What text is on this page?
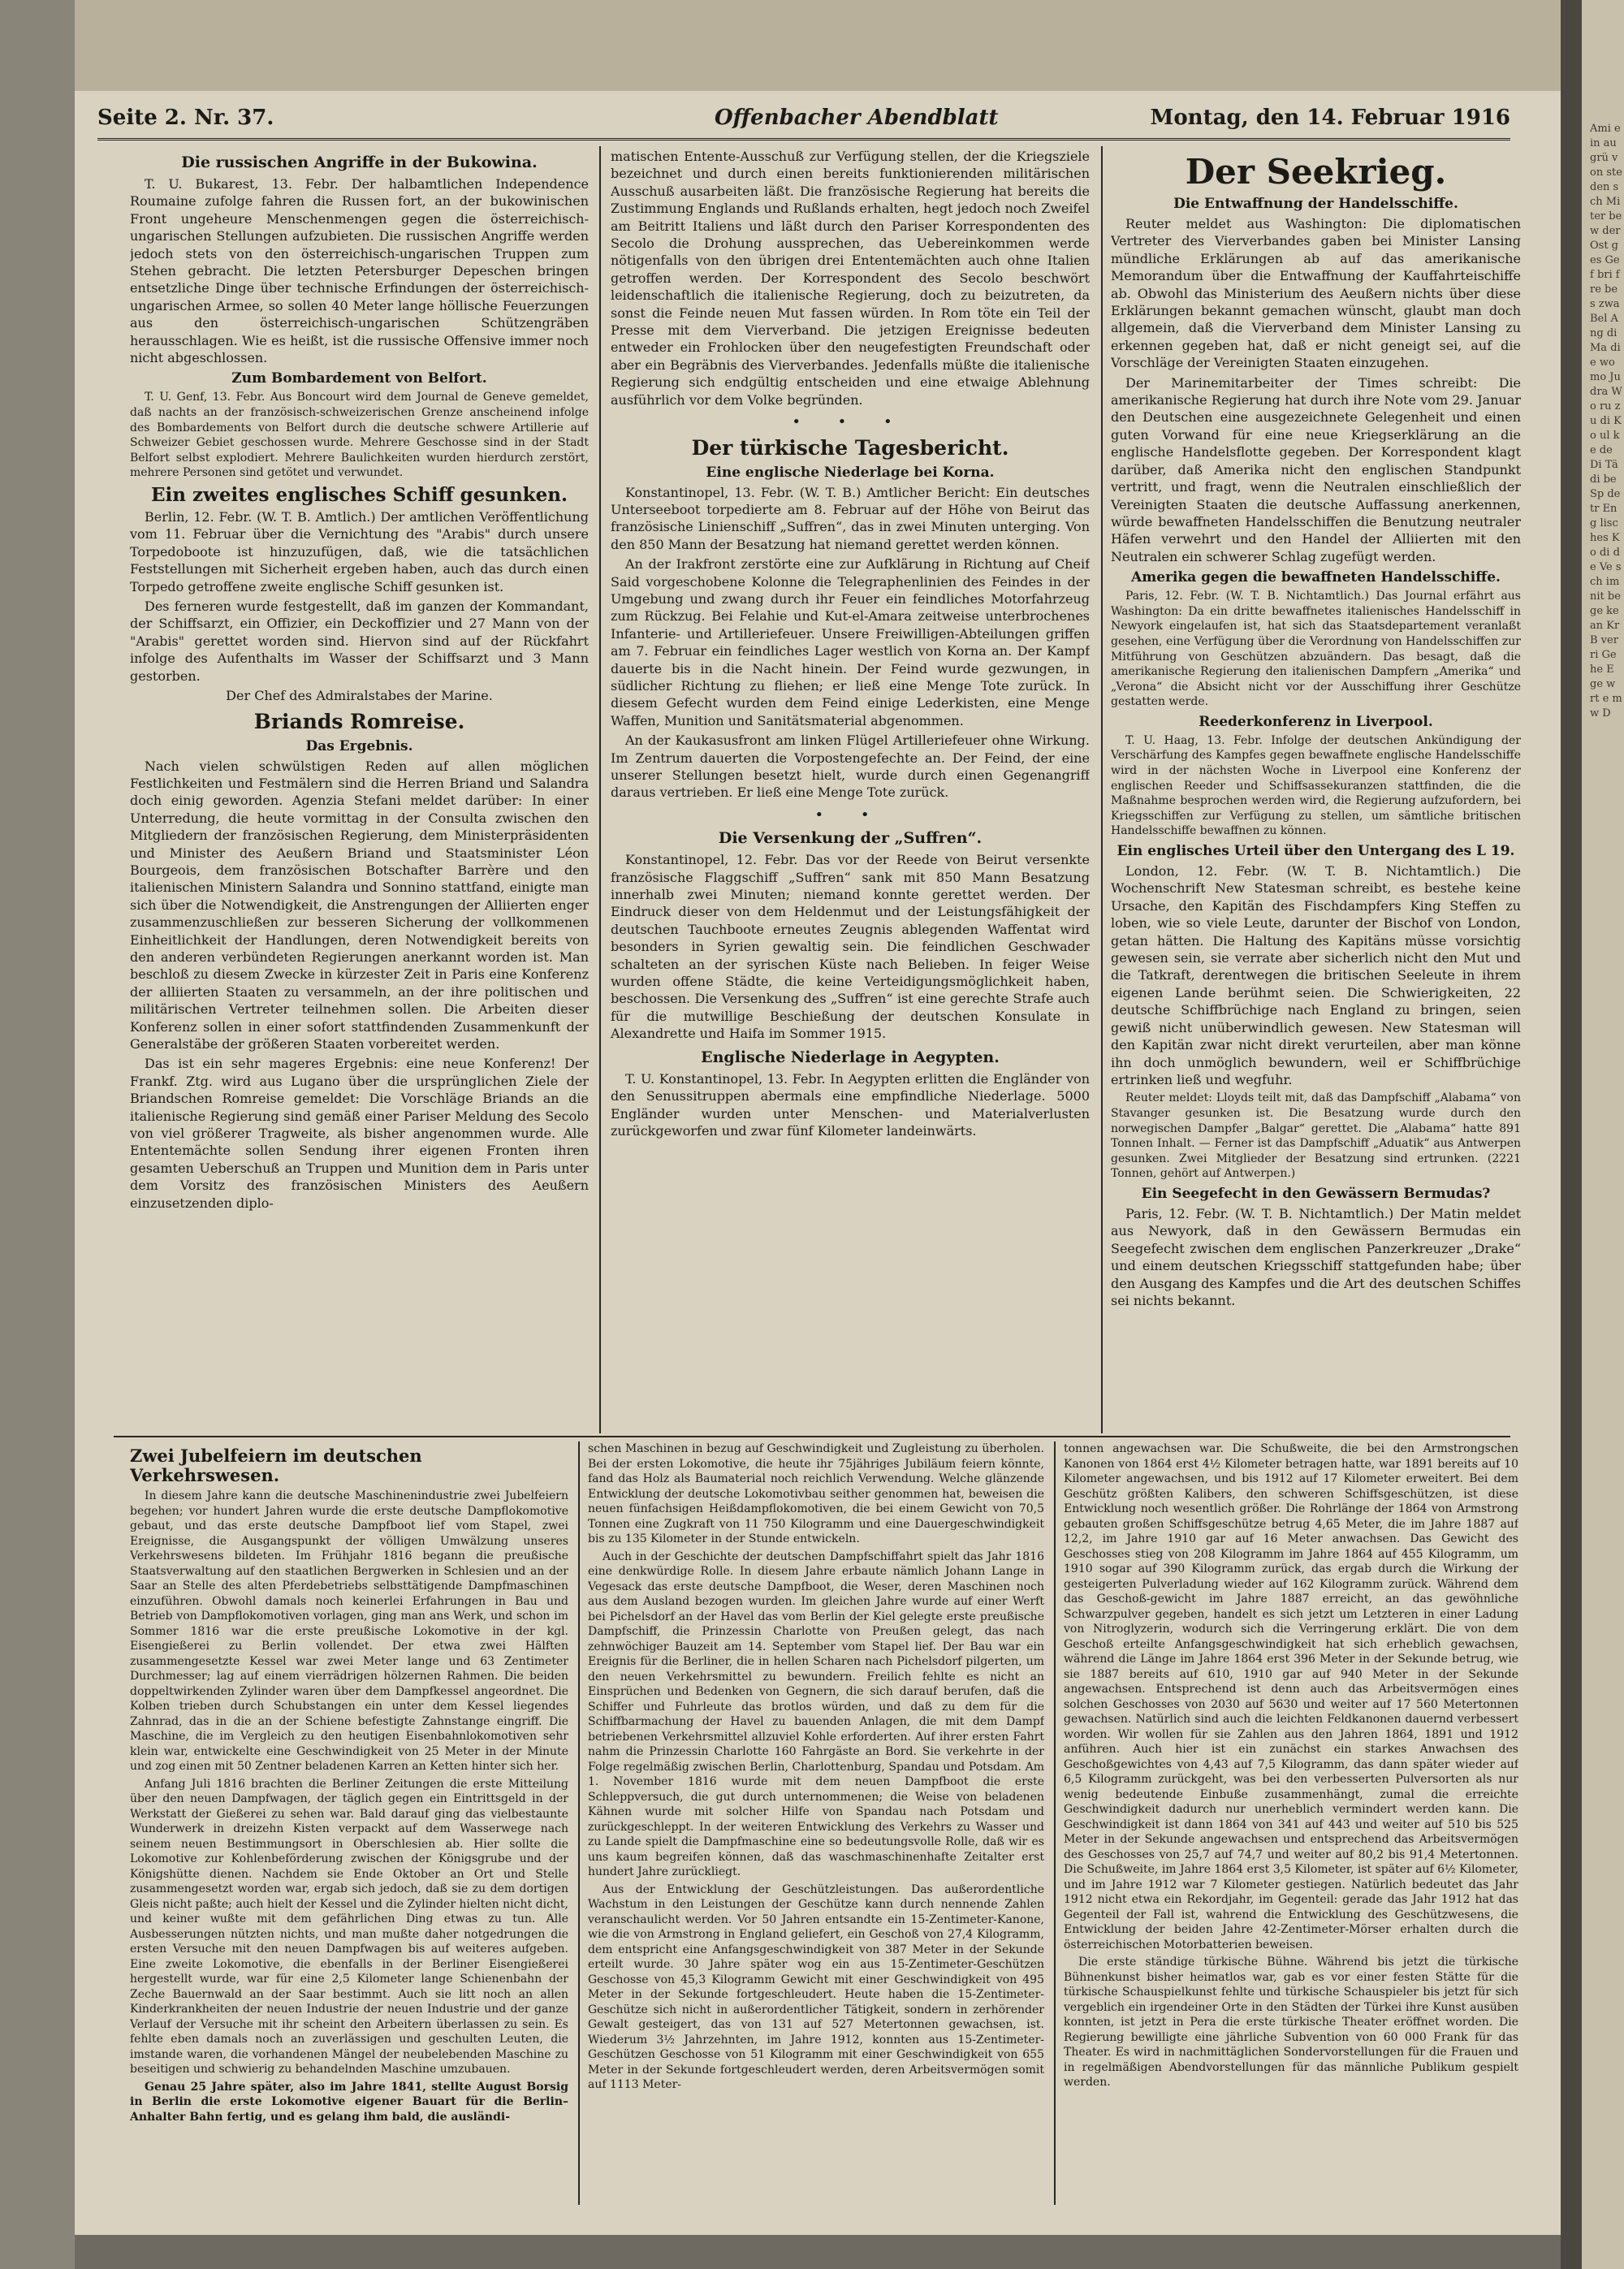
Ami ein au grü von ste den sch Mi ter bew der Ost ges Gef bri fre bes zwa Bel Ang di Ma die wo mo Ju dra Wo ru zu di Ko ul ke de Di Tä di be Sp de tr Eng lisches Ko di de Ve sch im nit be ge ke an Kr B ver ri Ge he E ge w rt e m w D
Seite 2. Nr. 37.	Offenbacher Abendblatt	Montag, den 14. Februar 1916
Die russischen Angriffe in der Bukowina.

T. U. Bukarest, 13. Febr. Der halbamtlichen Independence Roumaine zufolge fahren die Russen fort, an der bukowinischen Front ungeheure Menschenmengen gegen die österreichisch-ungarischen Stellungen aufzubieten. Die russischen Angriffe werden jedoch stets von den österreichisch-ungarischen Truppen zum Stehen gebracht. Die letzten Petersburger Depeschen bringen entsetzliche Dinge über technische Erfindungen der österreichisch-ungarischen Armee, so sollen 40 Meter lange höllische Feuerzungen aus den österreichisch-ungarischen Schützengräben herausschlagen. Wie es heißt, ist die russische Offensive immer noch nicht abgeschlossen.

Zum Bombardement von Belfort.

T. U. Genf, 13. Febr. Aus Boncourt wird dem Journal de Geneve gemeldet, daß nachts an der französisch-schweizerischen Grenze anscheinend infolge des Bombardements von Belfort durch die deutsche schwere Artillerie auf Schweizer Gebiet geschossen wurde. Mehrere Geschosse sind in der Stadt Belfort selbst explodiert. Mehrere Baulichkeiten wurden hierdurch zerstört, mehrere Personen sind getötet und verwundet.

Ein zweites englisches Schiff gesunken.

Berlin, 12. Febr. (W. T. B. Amtlich.) Der amtlichen Veröffentlichung vom 11. Februar über die Vernichtung des "Arabis" durch unsere Torpedoboote ist hinzuzufügen, daß, wie die tatsächlichen Feststellungen mit Sicherheit ergeben haben, auch das durch einen Torpedo getroffene zweite englische Schiff gesunken ist.

Des ferneren wurde festgestellt, daß im ganzen der Kommandant, der Schiffsarzt, ein Offizier, ein Deckoffizier und 27 Mann von der "Arabis" gerettet worden sind. Hiervon sind auf der Rückfahrt infolge des Aufenthalts im Wasser der Schiffsarzt und 3 Mann gestorben.

Der Chef des Admiralstabes der Marine.

Briands Romreise.
Das Ergebnis.

Nach vielen schwülstigen Reden auf allen möglichen Festlichkeiten und Festmälern sind die Herren Briand und Salandra doch einig geworden. Agenzia Stefani meldet darüber: In einer Unterredung, die heute vormittag in der Consulta zwischen den Mitgliedern der französischen Regierung, dem Ministerpräsidenten und Minister des Aeußern Briand und Staatsminister Léon Bourgeois, dem französischen Botschafter Barrère und den italienischen Ministern Salandra und Sonnino stattfand, einigte man sich über die Notwendigkeit, die Anstrengungen der Alliierten enger zusammenzuschließen zur besseren Sicherung der vollkommenen Einheitlichkeit der Handlungen, deren Notwendigkeit bereits von den anderen verbündeten Regierungen anerkannt worden ist. Man beschloß zu diesem Zwecke in kürzester Zeit in Paris eine Konferenz der alliierten Staaten zu versammeln, an der ihre politischen und militärischen Vertreter teilnehmen sollen. Die Arbeiten dieser Konferenz sollen in einer sofort stattfindenden Zusammenkunft der Generalstäbe der größeren Staaten vorbereitet werden.

Das ist ein sehr mageres Ergebnis: eine neue Konferenz! Der Frankf. Ztg. wird aus Lugano über die ursprünglichen Ziele der Briandschen Romreise gemeldet: Die Vorschläge Briands an die italienische Regierung sind gemäß einer Pariser Meldung des Secolo von viel größerer Tragweite, als bisher angenommen wurde. Alle Ententemächte sollen Sendung ihrer eigenen Fronten ihren gesamten Ueberschuß an Truppen und Munition dem in Paris unter dem Vorsitz des französischen Ministers des Aeußern einzusetzenden diplo-

matischen Entente-Ausschuß zur Verfügung stellen, der die Kriegsziele bezeichnet und durch einen bereits funktionierenden militärischen Ausschuß ausarbeiten läßt. Die französische Regierung hat bereits die Zustimmung Englands und Rußlands erhalten, hegt jedoch noch Zweifel am Beitritt Italiens und läßt durch den Pariser Korrespondenten des Secolo die Drohung aussprechen, das Uebereinkommen werde nötigenfalls von den übrigen drei Ententemächten auch ohne Italien getroffen werden. Der Korrespondent des Secolo beschwört leidenschaftlich die italienische Regierung, doch zu beizutreten, da sonst die Feinde neuen Mut fassen würden. In Rom töte ein Teil der Presse mit dem Vierverband. Die jetzigen Ereignisse bedeuten entweder ein Frohlocken über den neugefestigten Freundschaft oder aber ein Begräbnis des Vierverbandes. Jedenfalls müßte die italienische Regierung sich endgültig entscheiden und eine etwaige Ablehnung ausführlich vor dem Volke begründen.

• • •
Der türkische Tagesbericht.
Eine englische Niederlage bei Korna.

Konstantinopel, 13. Febr. (W. T. B.) Amtlicher Bericht: Ein deutsches Unterseeboot torpedierte am 8. Februar auf der Höhe von Beirut das französische Linienschiff „Suffren“, das in zwei Minuten unterging. Von den 850 Mann der Besatzung hat niemand gerettet werden können.

An der Irakfront zerstörte eine zur Aufklärung in Richtung auf Cheif Said vorgeschobene Kolonne die Telegraphenlinien des Feindes in der Umgebung und zwang durch ihr Feuer ein feindliches Motorfahrzeug zum Rückzug. Bei Felahie und Kut-el-Amara zeitweise unterbrochenes Infanterie- und Artilleriefeuer. Unsere Freiwilligen-Abteilungen griffen am 7. Februar ein feindliches Lager westlich von Korna an. Der Kampf dauerte bis in die Nacht hinein. Der Feind wurde gezwungen, in südlicher Richtung zu fliehen; er ließ eine Menge Tote zurück. In diesem Gefecht wurden dem Feind einige Lederkisten, eine Menge Waffen, Munition und Sanitätsmaterial abgenommen.

An der Kaukasusfront am linken Flügel Artilleriefeuer ohne Wirkung. Im Zentrum dauerten die Vorpostengefechte an. Der Feind, der eine unserer Stellungen besetzt hielt, wurde durch einen Gegenangriff daraus vertrieben. Er ließ eine Menge Tote zurück.

• •
Die Versenkung der „Suffren“.

Konstantinopel, 12. Febr. Das vor der Reede von Beirut versenkte französische Flaggschiff „Suffren“ sank mit 850 Mann Besatzung innerhalb zwei Minuten; niemand konnte gerettet werden. Der Eindruck dieser von dem Heldenmut und der Leistungsfähigkeit der deutschen Tauchboote erneutes Zeugnis ablegenden Waffentat wird besonders in Syrien gewaltig sein. Die feindlichen Geschwader schalteten an der syrischen Küste nach Belieben. In feiger Weise wurden offene Städte, die keine Verteidigungsmöglichkeit haben, beschossen. Die Versenkung des „Suffren“ ist eine gerechte Strafe auch für die mutwillige Beschießung der deutschen Konsulate in Alexandrette und Haifa im Sommer 1915.

Englische Niederlage in Aegypten.

T. U. Konstantinopel, 13. Febr. In Aegypten erlitten die Engländer von den Senussitruppen abermals eine empfindliche Niederlage. 5000 Engländer wurden unter Menschen- und Materialverlusten zurückgeworfen und zwar fünf Kilometer landeinwärts.

Der Seekrieg.
Die Entwaffnung der Handelsschiffe.

Reuter meldet aus Washington: Die diplomatischen Vertreter des Vierverbandes gaben bei Minister Lansing mündliche Erklärungen ab auf das amerikanische Memorandum über die Entwaffnung der Kauffahrteischiffe ab. Obwohl das Ministerium des Aeußern nichts über diese Erklärungen bekannt gemachen wünscht, glaubt man doch allgemein, daß die Vierverband dem Minister Lansing zu erkennen gegeben hat, daß er nicht geneigt sei, auf die Vorschläge der Vereinigten Staaten einzugehen.

Der Marinemitarbeiter der Times schreibt: Die amerikanische Regierung hat durch ihre Note vom 29. Januar den Deutschen eine ausgezeichnete Gelegenheit und einen guten Vorwand für eine neue Kriegserklärung an die englische Handelsflotte gegeben. Der Korrespondent klagt darüber, daß Amerika nicht den englischen Standpunkt vertritt, und fragt, wenn die Neutralen einschließlich der Vereinigten Staaten die deutsche Auffassung anerkennen, würde bewaffneten Handelsschiffen die Benutzung neutraler Häfen verwehrt und den Handel der Alliierten mit den Neutralen ein schwerer Schlag zugefügt werden.

Amerika gegen die bewaffneten Handelsschiffe.

Paris, 12. Febr. (W. T. B. Nichtamtlich.) Das Journal erfährt aus Washington: Da ein dritte bewaffnetes italienisches Handelsschiff in Newyork eingelaufen ist, hat sich das Staatsdepartement veranlaßt gesehen, eine Verfügung über die Verordnung von Handelsschiffen zur Mitführung von Geschützen abzuändern. Das besagt, daß die amerikanische Regierung den italienischen Dampfern „Amerika“ und „Verona“ die Absicht nicht vor der Ausschiffung ihrer Geschütze gestatten werde.

Reederkonferenz in Liverpool.

T. U. Haag, 13. Febr. Infolge der deutschen Ankündigung der Verschärfung des Kampfes gegen bewaffnete englische Handelsschiffe wird in der nächsten Woche in Liverpool eine Konferenz der englischen Reeder und Schiffsassekuranzen stattfinden, die die Maßnahme besprochen werden wird, die Regierung aufzufordern, bei Kriegsschiffen zur Verfügung zu stellen, um sämtliche britischen Handelsschiffe bewaffnen zu können.

Ein englisches Urteil über den Untergang des L 19.

London, 12. Febr. (W. T. B. Nichtamtlich.) Die Wochenschrift New Statesman schreibt, es bestehe keine Ursache, den Kapitän des Fischdampfers King Steffen zu loben, wie so viele Leute, darunter der Bischof von London, getan hätten. Die Haltung des Kapitäns müsse vorsichtig gewesen sein, sie verrate aber sicherlich nicht den Mut und die Tatkraft, derentwegen die britischen Seeleute in ihrem eigenen Lande berühmt seien. Die Schwierigkeiten, 22 deutsche Schiffbrüchige nach England zu bringen, seien gewiß nicht unüberwindlich gewesen. New Statesman will den Kapitän zwar nicht direkt verurteilen, aber man könne ihn doch unmöglich bewundern, weil er Schiffbrüchige ertrinken ließ und wegfuhr.

Reuter meldet: Lloyds teilt mit, daß das Dampfschiff „Alabama“ von Stavanger gesunken ist. Die Besatzung wurde durch den norwegischen Dampfer „Balgar“ gerettet. Die „Alabama“ hatte 891 Tonnen Inhalt. — Ferner ist das Dampfschiff „Aduatik“ aus Antwerpen gesunken. Zwei Mitglieder der Besatzung sind ertrunken. (2221 Tonnen, gehört auf Antwerpen.)

Ein Seegefecht in den Gewässern Bermudas?

Paris, 12. Febr. (W. T. B. Nichtamtlich.) Der Matin meldet aus Newyork, daß in den Gewässern Bermudas ein Seegefecht zwischen dem englischen Panzerkreuzer „Drake“ und einem deutschen Kriegsschiff stattgefunden habe; über den Ausgang des Kampfes und die Art des deutschen Schiffes sei nichts bekannt.

Zwei Jubelfeiern im deutschen Verkehrswesen.

In diesem Jahre kann die deutsche Maschinenindustrie zwei Jubelfeiern begehen; vor hundert Jahren wurde die erste deutsche Dampflokomotive gebaut, und das erste deutsche Dampfboot lief vom Stapel, zwei Ereignisse, die Ausgangspunkt der völligen Umwälzung unseres Verkehrswesens bildeten. Im Frühjahr 1816 begann die preußische Staatsverwaltung auf den staatlichen Bergwerken in Schlesien und an der Saar an Stelle des alten Pferdebetriebs selbsttätigende Dampfmaschinen einzuführen. Obwohl damals noch keinerlei Erfahrungen in Bau und Betrieb von Dampflokomotiven vorlagen, ging man ans Werk, und schon im Sommer 1816 war die erste preußische Lokomotive in der kgl. Eisengießerei zu Berlin vollendet. Der etwa zwei Hälften zusammengesetzte Kessel war zwei Meter lange und 63 Zentimeter Durchmesser; lag auf einem vierrädrigen hölzernen Rahmen. Die beiden doppeltwirkenden Zylinder waren über dem Dampfkessel angeordnet. Die Kolben trieben durch Schubstangen ein unter dem Kessel liegendes Zahnrad, das in die an der Schiene befestigte Zahnstange eingriff. Die Maschine, die im Vergleich zu den heutigen Eisenbahnlokomotiven sehr klein war, entwickelte eine Geschwindigkeit von 25 Meter in der Minute und zog einen mit 50 Zentner beladenen Karren an Ketten hinter sich her.

Anfang Juli 1816 brachten die Berliner Zeitungen die erste Mitteilung über den neuen Dampfwagen, der täglich gegen ein Eintrittsgeld in der Werkstatt der Gießerei zu sehen war. Bald darauf ging das vielbestaunte Wunderwerk in dreizehn Kisten verpackt auf dem Wasserwege nach seinem neuen Bestimmungsort in Oberschlesien ab. Hier sollte die Lokomotive zur Kohlenbeförderung zwischen der Königsgrube und der Königshütte dienen. Nachdem sie Ende Oktober an Ort und Stelle zusammengesetzt worden war, ergab sich jedoch, daß sie zu dem dortigen Gleis nicht paßte; auch hielt der Kessel und die Zylinder hielten nicht dicht, und keiner wußte mit dem gefährlichen Ding etwas zu tun. Alle Ausbesserungen nützten nichts, und man mußte daher notgedrungen die ersten Versuche mit den neuen Dampfwagen bis auf weiteres aufgeben. Eine zweite Lokomotive, die ebenfalls in der Berliner Eisengießerei hergestellt wurde, war für eine 2,5 Kilometer lange Schienenbahn der Zeche Bauernwald an der Saar bestimmt. Auch sie litt noch an allen Kinderkrankheiten der neuen Industrie der neuen Industrie und der ganze Verlauf der Versuche mit ihr scheint den Arbeitern überlassen zu sein. Es fehlte eben damals noch an zuverlässigen und geschulten Leuten, die imstande waren, die vorhandenen Mängel der neubelebenden Maschine zu beseitigen und schwierig zu behandelnden Maschine umzubauen.

Genau 25 Jahre später, also im Jahre 1841, stellte August Borsig in Berlin die erste Lokomotive eigener Bauart für die Berlin–Anhalter Bahn fertig, und es gelang ihm bald, die ausländi-

schen Maschinen in bezug auf Geschwindigkeit und Zugleistung zu überholen. Bei der ersten Lokomotive, die heute ihr 75jähriges Jubiläum feiern könnte, fand das Holz als Baumaterial noch reichlich Verwendung. Welche glänzende Entwicklung der deutsche Lokomotivbau seither genommen hat, beweisen die neuen fünfachsigen Heißdampflokomotiven, die bei einem Gewicht von 70,5 Tonnen eine Zugkraft von 11 750 Kilogramm und eine Dauergeschwindigkeit bis zu 135 Kilometer in der Stunde entwickeln.

Auch in der Geschichte der deutschen Dampfschiffahrt spielt das Jahr 1816 eine denkwürdige Rolle. In diesem Jahre erbaute nämlich Johann Lange in Vegesack das erste deutsche Dampfboot, die Weser, deren Maschinen noch aus dem Ausland bezogen wurden. Im gleichen Jahre wurde auf einer Werft bei Pichelsdorf an der Havel das vom Berlin der Kiel gelegte erste preußische Dampfschiff, die Prinzessin Charlotte von Preußen gelegt, das nach zehnwöchiger Bauzeit am 14. September vom Stapel lief. Der Bau war ein Ereignis für die Berliner, die in hellen Scharen nach Pichelsdorf pilgerten, um den neuen Verkehrsmittel zu bewundern. Freilich fehlte es nicht an Einsprüchen und Bedenken von Gegnern, die sich darauf berufen, daß die Schiffer und Fuhrleute das brotlos würden, und daß zu dem für die Schiffbarmachung der Havel zu bauenden Anlagen, die mit dem Dampf betriebenen Verkehrsmittel allzuviel Kohle erforderten. Auf ihrer ersten Fahrt nahm die Prinzessin Charlotte 160 Fahrgäste an Bord. Sie verkehrte in der Folge regelmäßig zwischen Berlin, Charlottenburg, Spandau und Potsdam. Am 1. November 1816 wurde mit dem neuen Dampfboot die erste Schleppversuch, die gut durch unternommenen; die Weise von beladenen Kähnen wurde mit solcher Hilfe von Spandau nach Potsdam und zurückgeschleppt. In der weiteren Entwicklung des Verkehrs zu Wasser und zu Lande spielt die Dampfmaschine eine so bedeutungsvolle Rolle, daß wir es uns kaum begreifen können, daß das waschmaschinenhafte Zeitalter erst hundert Jahre zurückliegt.

Aus der Entwicklung der Geschützleistungen. Das außerordentliche Wachstum in den Leistungen der Geschütze kann durch nennende Zahlen veranschaulicht werden. Vor 50 Jahren entsandte ein 15-Zentimeter-Kanone, wie die von Armstrong in England geliefert, ein Geschoß von 27,4 Kilogramm, dem entspricht eine Anfangsgeschwindigkeit von 387 Meter in der Sekunde erteilt wurde. 30 Jahre später wog ein aus 15-Zentimeter-Geschützen Geschosse von 45,3 Kilogramm Gewicht mit einer Geschwindigkeit von 495 Meter in der Sekunde fortgeschleudert. Heute haben die 15-Zentimeter-Geschütze sich nicht in außerordentlicher Tätigkeit, sondern in zerhörender Gewalt gesteigert, das von 131 auf 527 Metertonnen gewachsen, ist. Wiederum 3½ Jahrzehnten, im Jahre 1912, konnten aus 15-Zentimeter-Geschützen Geschosse von 51 Kilogramm mit einer Geschwindigkeit von 655 Meter in der Sekunde fortgeschleudert werden, deren Arbeitsvermögen somit auf 1113 Meter-

tonnen angewachsen war. Die Schußweite, die bei den Armstrongschen Kanonen von 1864 erst 4½ Kilometer betragen hatte, war 1891 bereits auf 10 Kilometer angewachsen, und bis 1912 auf 17 Kilometer erweitert. Bei dem Geschütz größten Kalibers, den schweren Schiffsgeschützen, ist diese Entwicklung noch wesentlich größer. Die Rohrlänge der 1864 von Armstrong gebauten großen Schiffsgeschütze betrug 4,65 Meter, die im Jahre 1887 auf 12,2, im Jahre 1910 gar auf 16 Meter anwachsen. Das Gewicht des Geschosses stieg von 208 Kilogramm im Jahre 1864 auf 455 Kilogramm, um 1910 sogar auf 390 Kilogramm zurück, das ergab durch die Wirkung der gesteigerten Pulverladung wieder auf 162 Kilogramm zurück. Während dem das Geschoß-gewicht im Jahre 1887 erreicht, an das gewöhnliche Schwarzpulver gegeben, handelt es sich jetzt um Letzteren in einer Ladung von Nitroglyzerin, wodurch sich die Verringerung erklärt. Die von dem Geschoß erteilte Anfangsgeschwindigkeit hat sich erheblich gewachsen, während die Länge im Jahre 1864 erst 396 Meter in der Sekunde betrug, wie sie 1887 bereits auf 610, 1910 gar auf 940 Meter in der Sekunde angewachsen. Entsprechend ist denn auch das Arbeitsvermögen eines solchen Geschosses von 2030 auf 5630 und weiter auf 17 560 Metertonnen gewachsen. Natürlich sind auch die leichten Feldkanonen dauernd verbessert worden. Wir wollen für sie Zahlen aus den Jahren 1864, 1891 und 1912 anführen. Auch hier ist ein zunächst ein starkes Anwachsen des Geschoßgewichtes von 4,43 auf 7,5 Kilogramm, das dann später wieder auf 6,5 Kilogramm zurückgeht, was bei den verbesserten Pulversorten als nur wenig bedeutende Einbuße zusammenhängt, zumal die erreichte Geschwindigkeit dadurch nur unerheblich vermindert werden kann. Die Geschwindigkeit ist dann 1864 von 341 auf 443 und weiter auf 510 bis 525 Meter in der Sekunde angewachsen und entsprechend das Arbeitsvermögen des Geschosses von 25,7 auf 74,7 und weiter auf 80,2 bis 91,4 Metertonnen. Die Schußweite, im Jahre 1864 erst 3,5 Kilometer, ist später auf 6½ Kilometer, und im Jahre 1912 war 7 Kilometer gestiegen. Natürlich bedeutet das Jahr 1912 nicht etwa ein Rekordjahr, im Gegenteil: gerade das Jahr 1912 hat das Gegenteil der Fall ist, wahrend die Entwicklung des Geschützwesens, die Entwicklung der beiden Jahre 42-Zentimeter-Mörser erhalten durch die österreichischen Motorbatterien beweisen.

Die erste ständige türkische Bühne. Während bis jetzt die türkische Bühnenkunst bisher heimatlos war, gab es vor einer festen Stätte für die türkische Schauspielkunst fehlte und türkische Schauspieler bis jetzt für sich vergeblich ein irgendeiner Orte in den Städten der Türkei ihre Kunst ausüben konnten, ist jetzt in Pera die erste türkische Theater eröffnet worden. Die Regierung bewilligte eine jährliche Subvention von 60 000 Frank für das Theater. Es wird in nachmittäglichen Sondervorstellungen für die Frauen und in regelmäßigen Abendvorstellungen für das männliche Publikum gespielt werden.
